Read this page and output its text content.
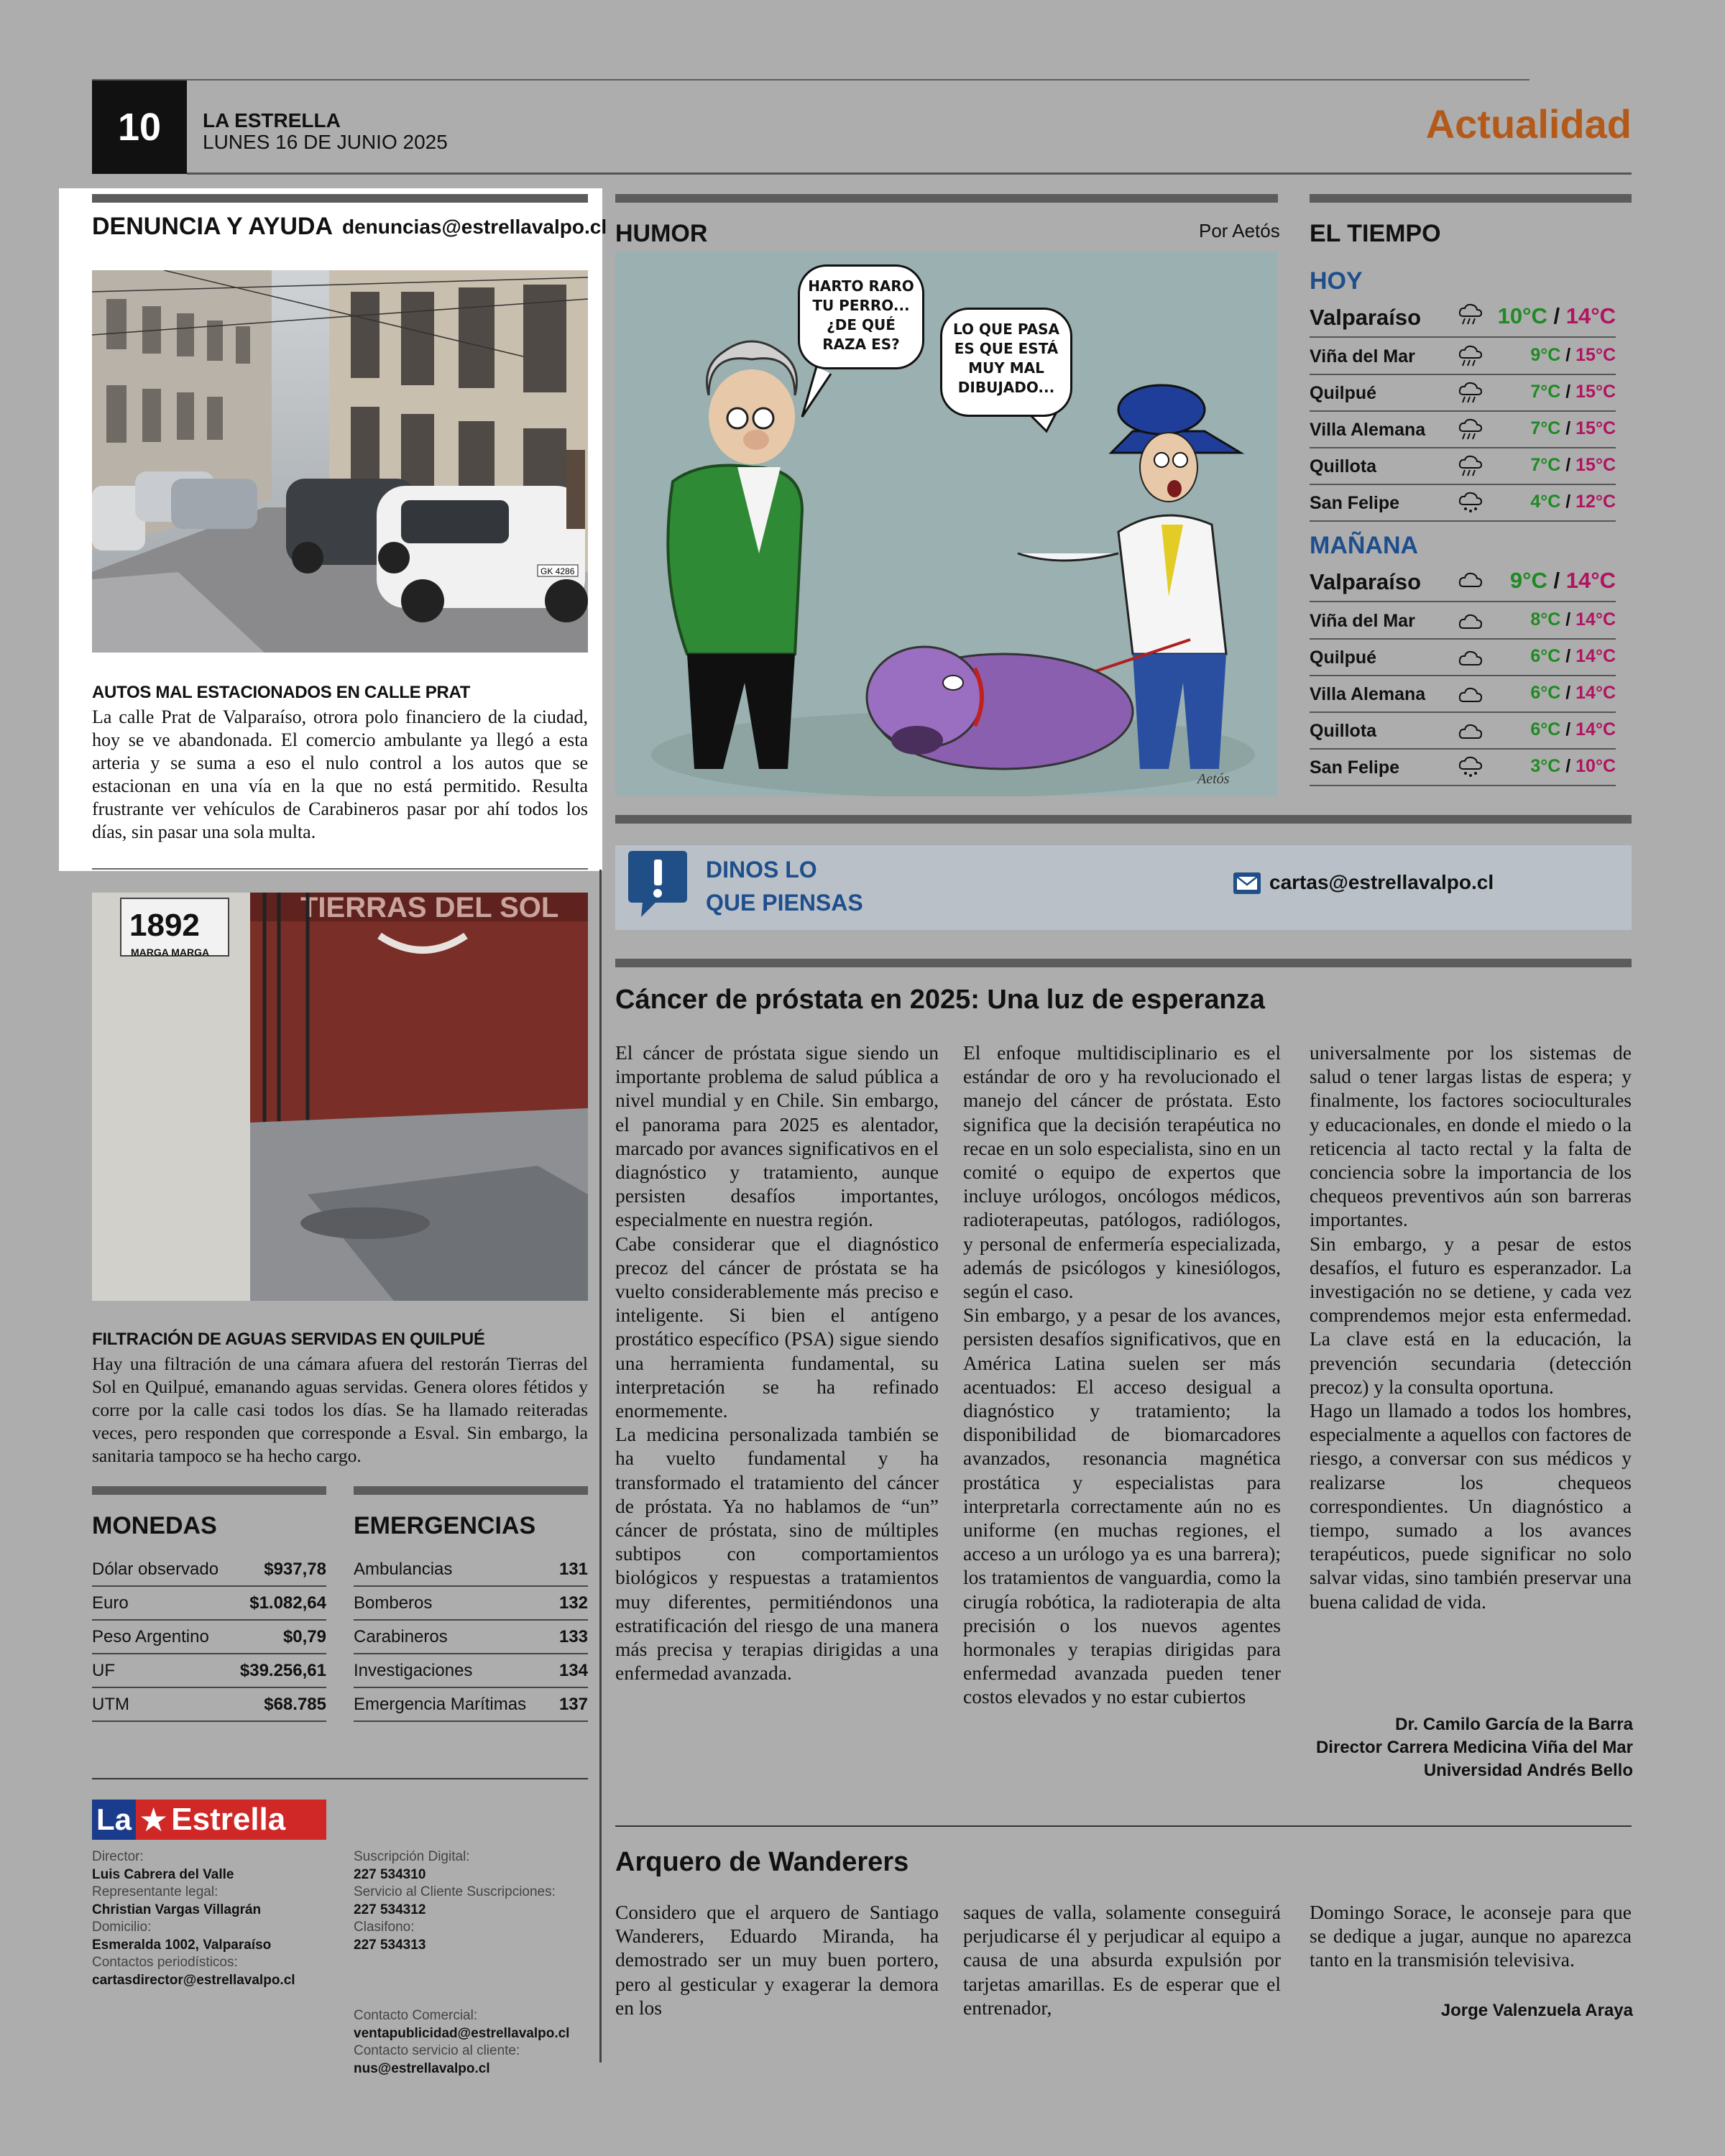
10	LA ESTRELLA
LUNES 16 DE JUNIO 2025	Actualidad
DENUNCIA Y AYUDA denuncias@estrellavalpo.cl
GK 4286
AUTOS MAL ESTACIONADOS EN CALLE PRAT
La calle Prat de Valparaíso, otrora polo financiero de la ciudad, hoy se ve abandonada. El comercio ambulante ya llegó a esta arteria y se suma a eso el nulo control a los autos que se estacionan en una vía en la que no está permitido. Resulta frustrante ver vehículos de Carabineros pasar por ahí todos los días, sin pasar una sola multa.
TIERRAS DEL SOL
1892
MARGA MARGA
FILTRACIÓN DE AGUAS SERVIDAS EN QUILPUÉ
Hay una filtración de una cámara afuera del restorán Tierras del Sol en Quilpué, emanando aguas servidas. Genera olores fétidos y corre por la calle casi todos los días. Se ha llamado reiteradas veces, pero responden que corresponde a Esval. Sin embargo, la sanitaria tampoco se ha hecho cargo.
MONEDAS
Dólar observado	$937,78
Euro	$1.082,64
Peso Argentino	$0,79
UF	$39.256,61
UTM	$68.785
EMERGENCIAS
Ambulancias	131
Bomberos	132
Carabineros	133
Investigaciones	134
Emergencia Marítimas 137
La ★ Estrella
Director:
Luis Cabrera del Valle
Representante legal:
Christian Vargas Villagrán
Domicilio:
Esmeralda 1002, Valparaíso
Contactos periodísticos:
cartasdirector@estrellavalpo.cl
Suscripción Digital:
227 534310
Servicio al Cliente Suscripciones:
227 534312
Clasifono:
227 534313
Contacto Comercial:
ventapublicidad@estrellavalpo.cl
Contacto servicio al cliente:
nus@estrellavalpo.cl
HUMOR	Por Aetós
Aetós
HARTO RARO TU PERRO... ¿DE QUÉ RAZA ES?
LO QUE PASA ES QUE ESTÁ MUY MAL DIBUJADO...
EL TIEMPO
HOY
MAÑANA
Valparaíso	10°C / 14°C
Viña del Mar	9°C / 15°C
Quilpué	7°C / 15°C
Villa Alemana	7°C / 15°C
Quillota	7°C / 15°C
San Felipe	4°C / 12°C
Valparaíso	9°C / 14°C
Viña del Mar	8°C / 14°C
Quilpué	6°C / 14°C
Villa Alemana	6°C / 14°C
Quillota	6°C / 14°C
San Felipe	3°C / 10°C
DINOS LO
QUE PIENSAS
cartas@estrellavalpo.cl
Cáncer de próstata en 2025: Una luz de esperanza

El cáncer de próstata sigue siendo un importante problema de salud pública a nivel mundial y en Chile. Sin embargo, el panorama para 2025 es alentador, marcado por avances significativos en el diagnóstico y tratamiento, aunque persisten desafíos importantes, especialmente en nuestra región.

Cabe considerar que el diagnóstico precoz del cáncer de próstata se ha vuelto considerablemente más preciso e inteligente. Si bien el antígeno prostático específico (PSA) sigue siendo una herramienta fundamental, su interpretación se ha refinado enormemente.

La medicina personalizada también se ha vuelto fundamental y ha transformado el tratamiento del cáncer de próstata. Ya no hablamos de “un” cáncer de próstata, sino de múltiples subtipos con comportamientos biológicos y respuestas a tratamientos muy diferentes, permitiéndonos una estratificación del riesgo de una manera más precisa y terapias dirigidas a una enfermedad avanzada.

El enfoque multidisciplinario es el estándar de oro y ha revolucionado el manejo del cáncer de próstata. Esto significa que la decisión terapéutica no recae en un solo especialista, sino en un comité o equipo de expertos que incluye urólogos, oncólogos médicos, radioterapeutas, patólogos, radiólogos, y personal de enfermería especializada, además de psicólogos y kinesiólogos, según el caso.

Sin embargo, y a pesar de los avances, persisten desafíos significativos, que en América Latina suelen ser más acentuados: El acceso desigual a diagnóstico y tratamiento; la disponibilidad de biomarcadores avanzados, resonancia magnética prostática y especialistas para interpretarla correctamente aún no es uniforme (en muchas regiones, el acceso a un urólogo ya es una barrera); los tratamientos de vanguardia, como la cirugía robótica, la radioterapia de alta precisión o los nuevos agentes hormonales y terapias dirigidas para enfermedad avanzada pueden tener costos elevados y no estar cubiertos

universalmente por los sistemas de salud o tener largas listas de espera; y finalmente, los factores socioculturales y educacionales, en donde el miedo o la reticencia al tacto rectal y la falta de conciencia sobre la importancia de los chequeos preventivos aún son barreras importantes.

Sin embargo, y a pesar de estos desafíos, el futuro es esperanzador. La investigación no se detiene, y cada vez comprendemos mejor esta enfermedad. La clave está en la educación, la prevención secundaria (detección precoz) y la consulta oportuna.

Hago un llamado a todos los hombres, especialmente a aquellos con factores de riesgo, a conversar con sus médicos y realizarse los chequeos correspondientes. Un diagnóstico a tiempo, sumado a los avances terapéuticos, puede significar no solo salvar vidas, sino también preservar una buena calidad de vida.

Dr. Camilo García de la Barra
Director Carrera Medicina Viña del Mar
Universidad Andrés Bello
Arquero de Wanderers
Considero que el arquero de Santiago Wanderers, Eduardo Miranda, ha demostrado ser un muy buen portero, pero al gesticular y exagerar la demora en los
saques de valla, solamente conseguirá perjudicarse él y perjudicar al equipo a causa de una absurda expulsión por tarjetas amarillas. Es de esperar que el entrenador,
Domingo Sorace, le aconseje para que se dedique a jugar, aunque no aparezca tanto en la transmisión televisiva.
Jorge Valenzuela Araya
